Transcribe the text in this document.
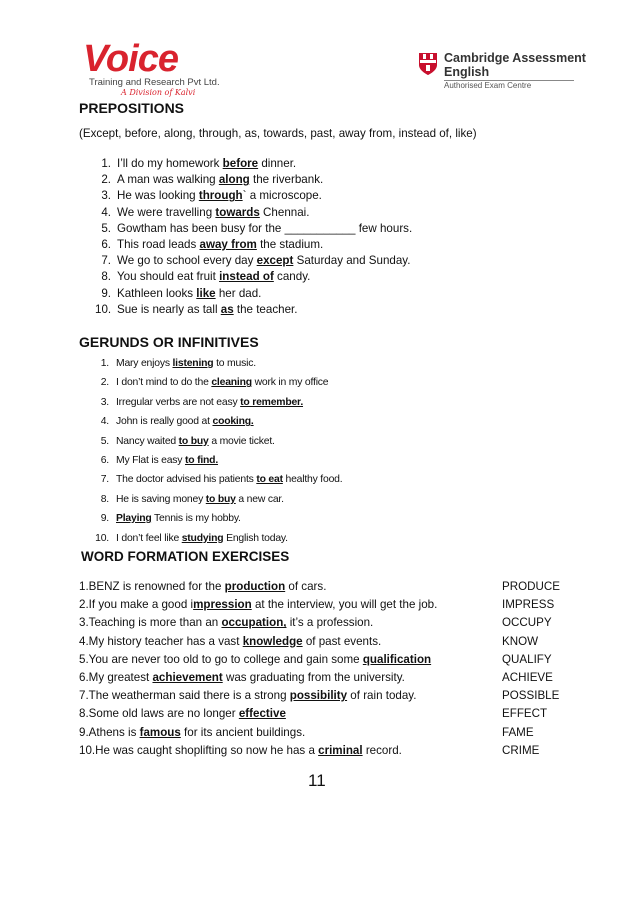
Voice
Training and Research Pvt Ltd.
A Division of Kalvi
Cambridge Assessment
English
Authorised Exam Centre
PREPOSITIONS
(Except, before, along, through, as, towards, past, away from, instead of, like)
1. I’ll do my homework before dinner.
2. A man was walking along the riverbank.
3. He was looking through` a microscope.
4. We were travelling towards Chennai.
5. Gowtham has been busy for the ___________ few hours.
6. This road leads away from the stadium.
7. We go to school every day except Saturday and Sunday.
8. You should eat fruit instead of candy.
9. Kathleen looks like her dad.
10. Sue is nearly as tall as the teacher.
GERUNDS OR INFINITIVES
1. Mary enjoys listening to music.
2. I don’t mind to do the cleaning work in my office
3. Irregular verbs are not easy to remember.
4. John is really good at cooking.
5. Nancy waited to buy a movie ticket.
6. My Flat is easy to find.
7. The doctor advised his patients to eat healthy food.
8. He is saving money to buy a new car.
9. Playing Tennis is my hobby.
10. I don’t feel like studying English today.
WORD FORMATION EXERCISES
1.BENZ is renowned for the production of cars.	PRODUCE
2.If you make a good impression at the interview, you will get the job.	IMPRESS
3.Teaching is more than an occupation, it’s a profession.	OCCUPY
4.My history teacher has a vast knowledge of past events.	KNOW
5.You are never too old to go to college and gain some qualification	QUALIFY
6.My greatest achievement was graduating from the university.	ACHIEVE
7.The weatherman said there is a strong possibility of rain today.	POSSIBLE
8.Some old laws are no longer effective	EFFECT
9.Athens is famous for its ancient buildings.	FAME
10.He was caught shoplifting so now he has a criminal record.	CRIME
11
